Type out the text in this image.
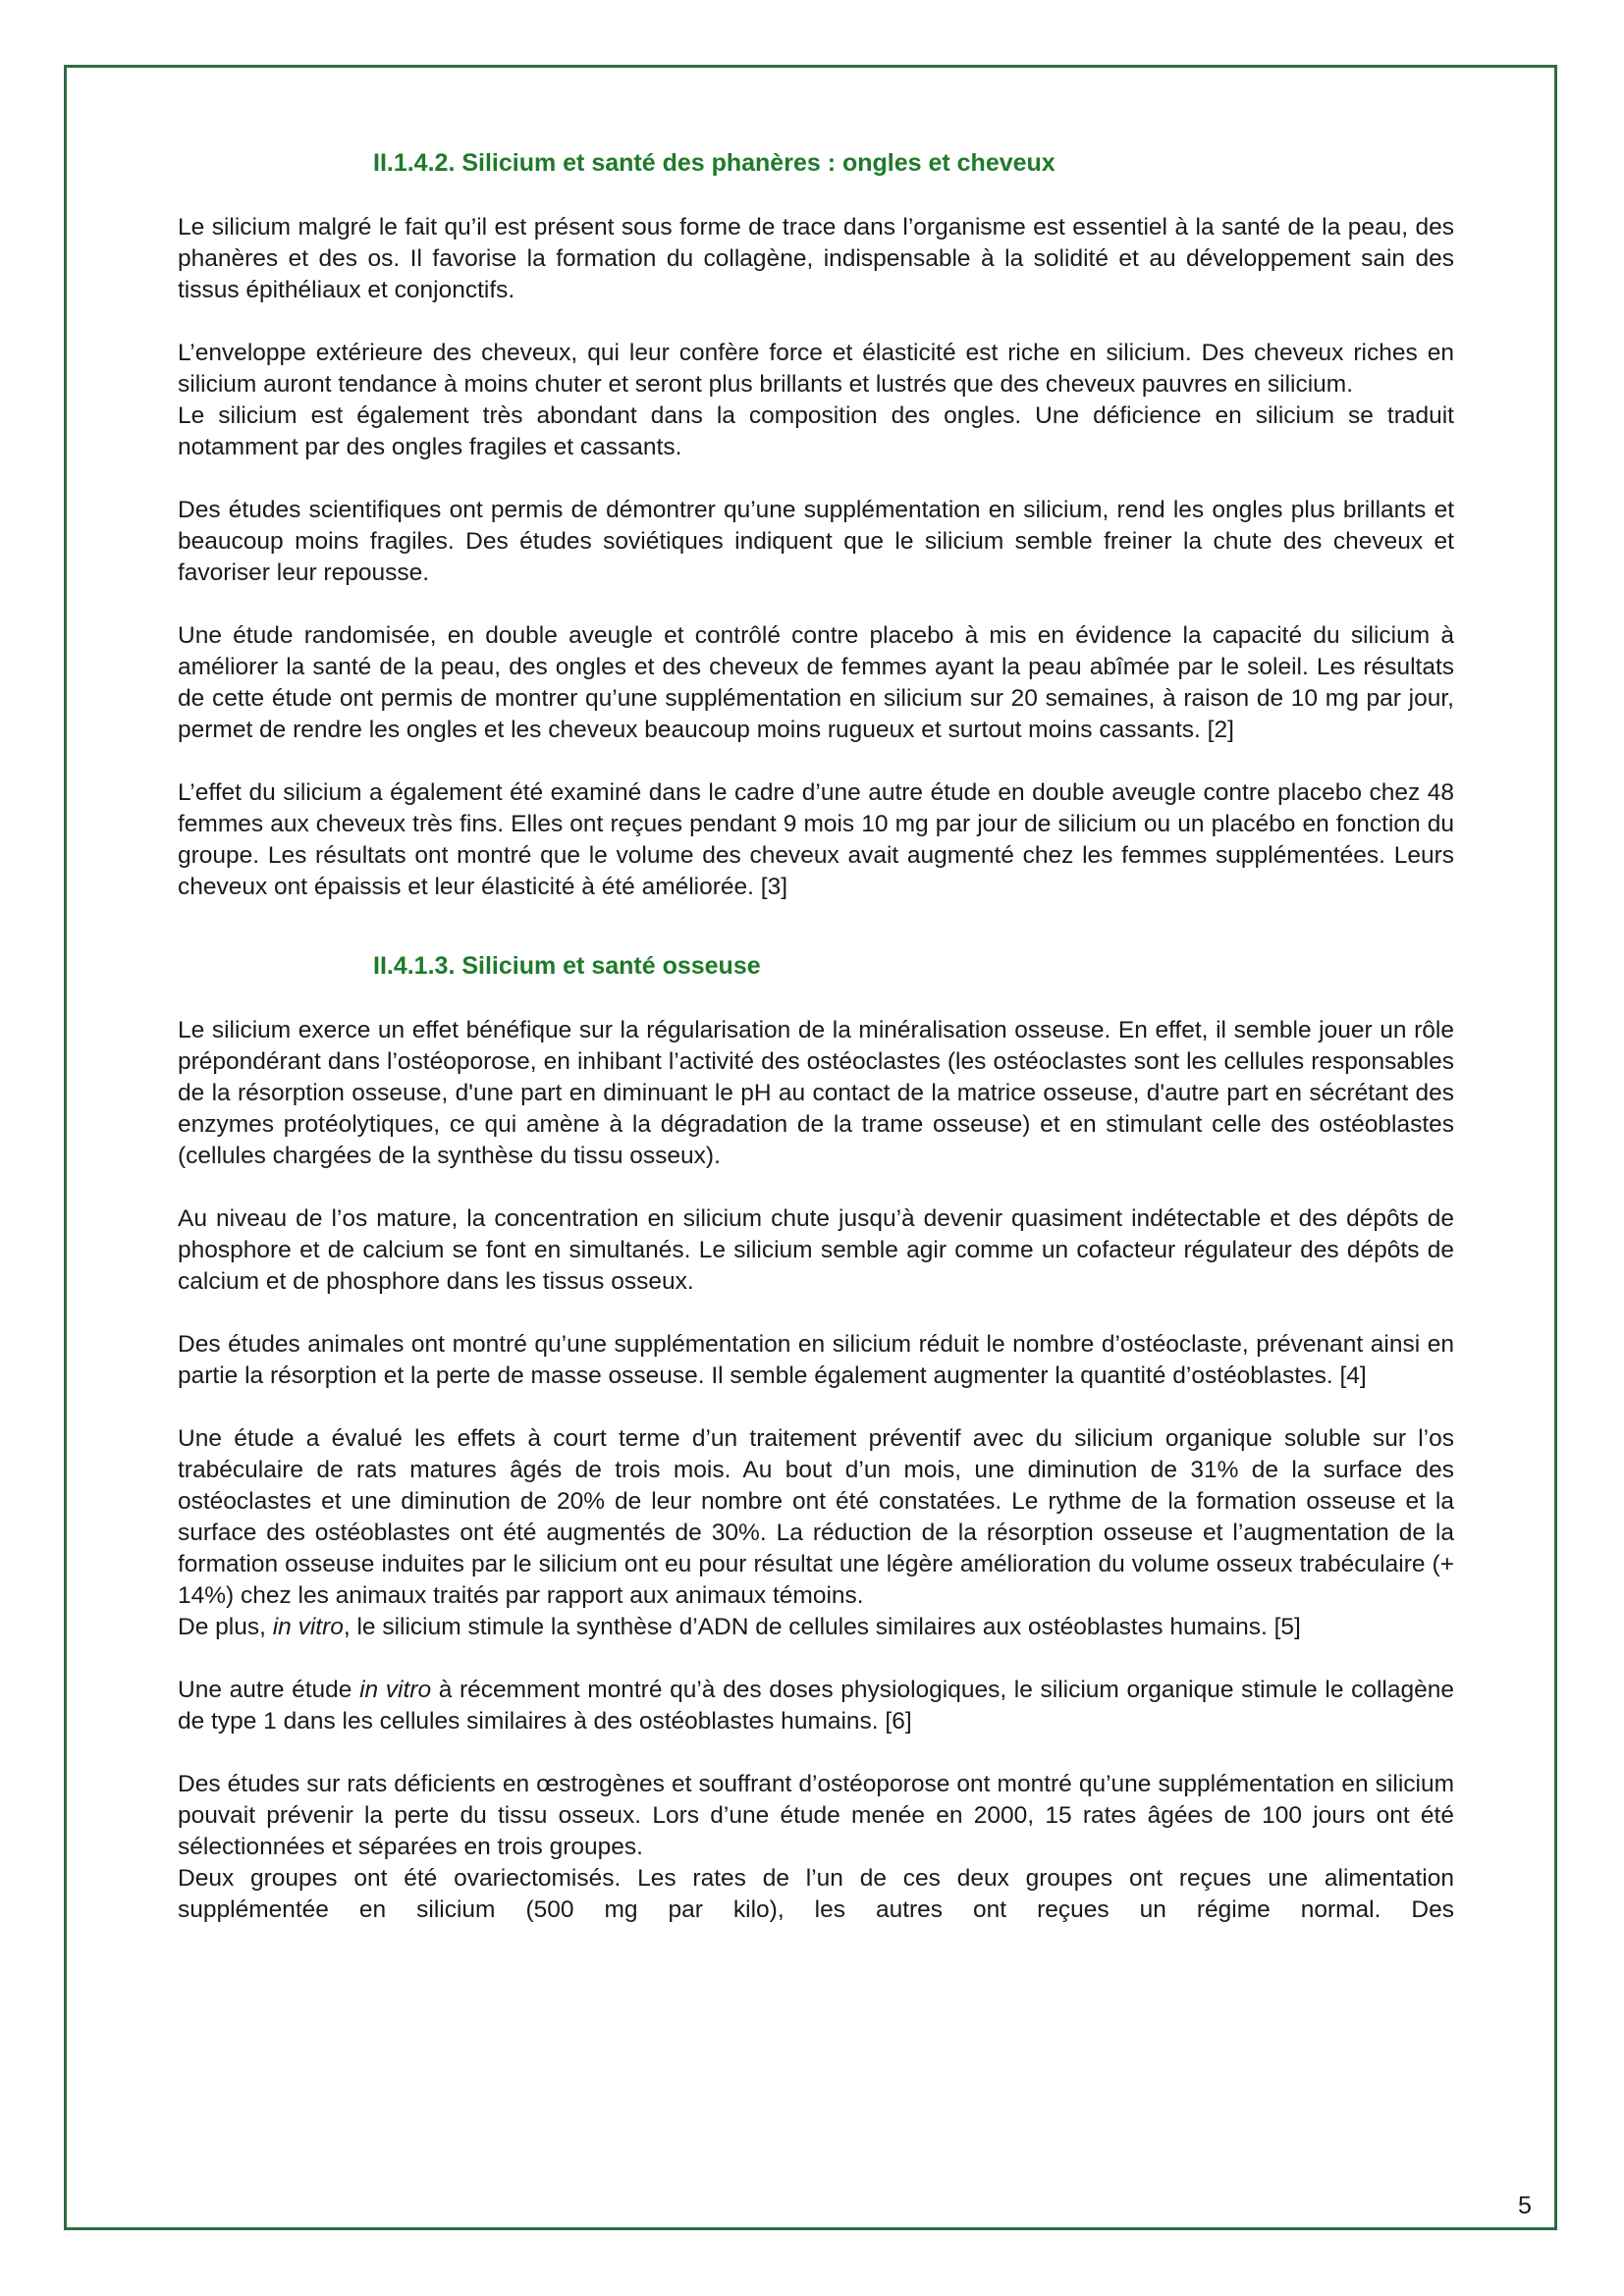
II.1.4.2. Silicium et santé des phanères : ongles et cheveux

Le silicium malgré le fait qu’il est présent sous forme de trace dans l’organisme est essentiel à la santé de la peau, des phanères et des os. Il favorise la formation du collagène, indispensable à la solidité et au développement sain des tissus épithéliaux et conjonctifs.

L’enveloppe extérieure des cheveux, qui leur confère force et élasticité est riche en silicium. Des cheveux riches en silicium auront tendance à moins chuter et seront plus brillants et lustrés que des cheveux pauvres en silicium.

Le silicium est également très abondant dans la composition des ongles. Une déficience en silicium se traduit notamment par des ongles fragiles et cassants.

Des études scientifiques ont permis de démontrer qu’une supplémentation en silicium, rend les ongles plus brillants et beaucoup moins fragiles. Des études soviétiques indiquent que le silicium semble freiner la chute des cheveux et favoriser leur repousse.

Une étude randomisée, en double aveugle et contrôlé contre placebo à mis en évidence la capacité du silicium à améliorer la santé de la peau, des ongles et des cheveux de femmes ayant la peau abîmée par le soleil. Les résultats de cette étude ont permis de montrer qu’une supplémentation en silicium sur 20 semaines, à raison de 10 mg par jour, permet de rendre les ongles et les cheveux beaucoup moins rugueux et surtout moins cassants. [2]

L’effet du silicium a également été examiné dans le cadre d’une autre étude en double aveugle contre placebo chez 48 femmes aux cheveux très fins. Elles ont reçues pendant 9 mois 10 mg par jour de silicium ou un placébo en fonction du groupe. Les résultats ont montré que le volume des cheveux avait augmenté chez les femmes supplémentées. Leurs cheveux ont épaissis et leur élasticité à été améliorée. [3]

II.4.1.3. Silicium et santé osseuse

Le silicium exerce un effet bénéfique sur la régularisation de la minéralisation osseuse. En effet, il semble jouer un rôle prépondérant dans l’ostéoporose, en inhibant l’activité des ostéoclastes (les ostéoclastes sont les cellules responsables de la résorption osseuse, d'une part en diminuant le pH au contact de la matrice osseuse, d'autre part en sécrétant des enzymes protéolytiques, ce qui amène à la dégradation de la trame osseuse) et en stimulant celle des ostéoblastes (cellules chargées de la synthèse du tissu osseux).

Au niveau de l’os mature, la concentration en silicium chute jusqu’à devenir quasiment indétectable et des dépôts de phosphore et de calcium se font en simultanés. Le silicium semble agir comme un cofacteur régulateur des dépôts de calcium et de phosphore dans les tissus osseux.

Des études animales ont montré qu’une supplémentation en silicium réduit le nombre d’ostéoclaste, prévenant ainsi en partie la résorption et la perte de masse osseuse. Il semble également augmenter la quantité d’ostéoblastes. [4]

Une étude a évalué les effets à court terme d’un traitement préventif avec du silicium organique soluble sur l’os trabéculaire de rats matures âgés de trois mois. Au bout d’un mois, une diminution de 31% de la surface des ostéoclastes et une diminution de 20% de leur nombre ont été constatées. Le rythme de la formation osseuse et la surface des ostéoblastes ont été augmentés de 30%. La réduction de la résorption osseuse et l’augmentation de la formation osseuse induites par le silicium ont eu pour résultat une légère amélioration du volume osseux trabéculaire (+ 14%) chez les animaux traités par rapport aux animaux témoins.

De plus, in vitro, le silicium stimule la synthèse d’ADN de cellules similaires aux ostéoblastes humains. [5]

Une autre étude in vitro à récemment montré qu’à des doses physiologiques, le silicium organique stimule le collagène de type 1 dans les cellules similaires à des ostéoblastes humains. [6]

Des études sur rats déficients en œstrogènes et souffrant d’ostéoporose ont montré qu’une supplémentation en silicium pouvait prévenir la perte du tissu osseux. Lors d’une étude menée en 2000, 15 rates âgées de 100 jours ont été sélectionnées et séparées en trois groupes.

Deux groupes ont été ovariectomisés. Les rates de l’un de ces deux groupes ont reçues une alimentation supplémentée en silicium (500 mg par kilo), les autres ont reçues un régime normal. Des

5
